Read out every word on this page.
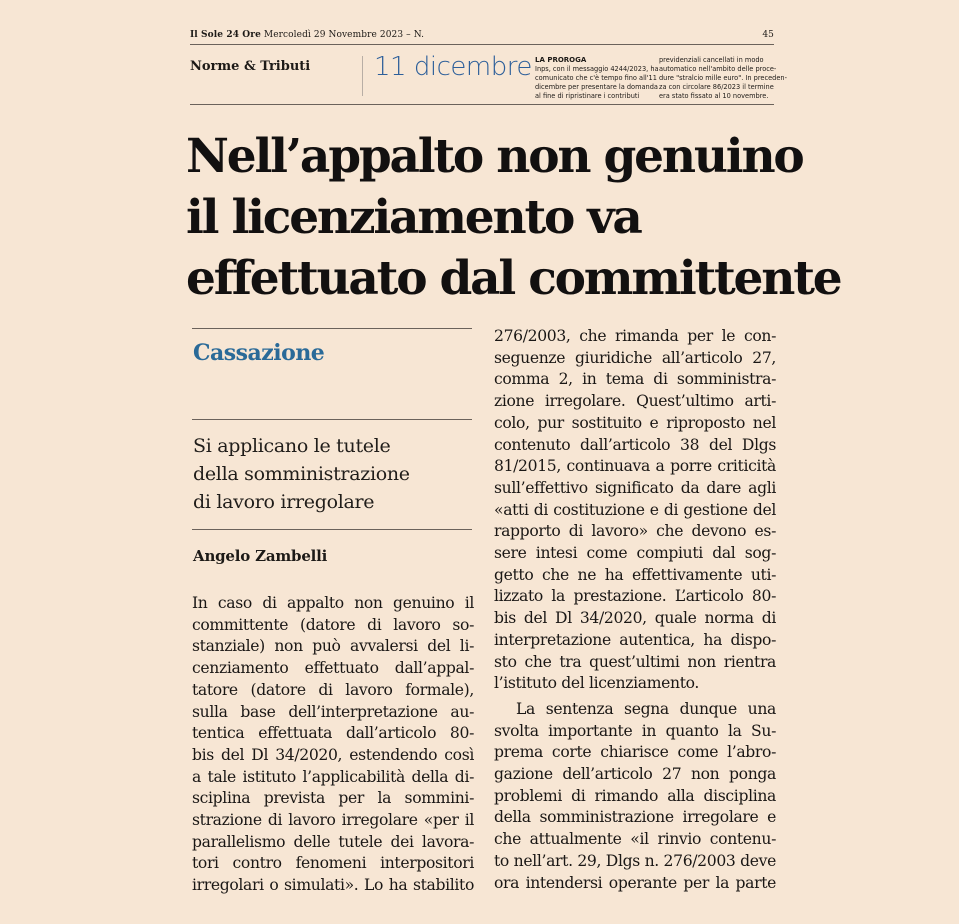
Il Sole 24 Ore Mercoledì 29 Novembre 2023 – N.	45
Norme & Tributi 11 dicembre LA PROROGA
Inps, con il messaggio 4244/2023, ha
comunicato che c'è tempo fino all'11
dicembre per presentare la domanda
al fine di ripristinare i contributi
previdenziali cancellati in modo
automatico nell'ambito delle proce-
dure "stralcio mille euro". In preceden-
za con circolare 86/2023 il termine
era stato fissato al 10 novembre.
Nell’appalto non genuino
il licenziamento va
effettuato dal committente
Cassazione
Si applicano le tutele
della somministrazione
di lavoro irregolare
Angelo Zambelli
In caso di appalto non genuino il
committente (datore di lavoro so-
stanziale) non può avvalersi del li-
cenziamento effettuato dall’appal-
tatore (datore di lavoro formale),
sulla base dell’interpretazione au-
tentica effettuata dall’articolo 80-
bis del Dl 34/2020, estendendo così
a tale istituto l’applicabilità della di-
sciplina prevista per la sommini-
strazione di lavoro irregolare «per il
parallelismo delle tutele dei lavora-
tori contro fenomeni interpositori
irregolari o simulati». Lo ha stabilito
276/2003, che rimanda per le con-
seguenze giuridiche all’articolo 27,
comma 2, in tema di somministra-
zione irregolare. Quest’ultimo arti-
colo, pur sostituito e riproposto nel
contenuto dall’articolo 38 del Dlgs
81/2015, continuava a porre criticità
sull’effettivo significato da dare agli
«atti di costituzione e di gestione del
rapporto di lavoro» che devono es-
sere intesi come compiuti dal sog-
getto che ne ha effettivamente uti-
lizzato la prestazione. L’articolo 80-
bis del Dl 34/2020, quale norma di
interpretazione autentica, ha dispo-
sto che tra quest’ultimi non rientra
l’istituto del licenziamento.
La sentenza segna dunque una
svolta importante in quanto la Su-
prema corte chiarisce come l’abro-
gazione dell’articolo 27 non ponga
problemi di rimando alla disciplina
della somministrazione irregolare e
che attualmente «il rinvio contenu-
to nell’art. 29, Dlgs n. 276/2003 deve
ora intendersi operante per la parte
